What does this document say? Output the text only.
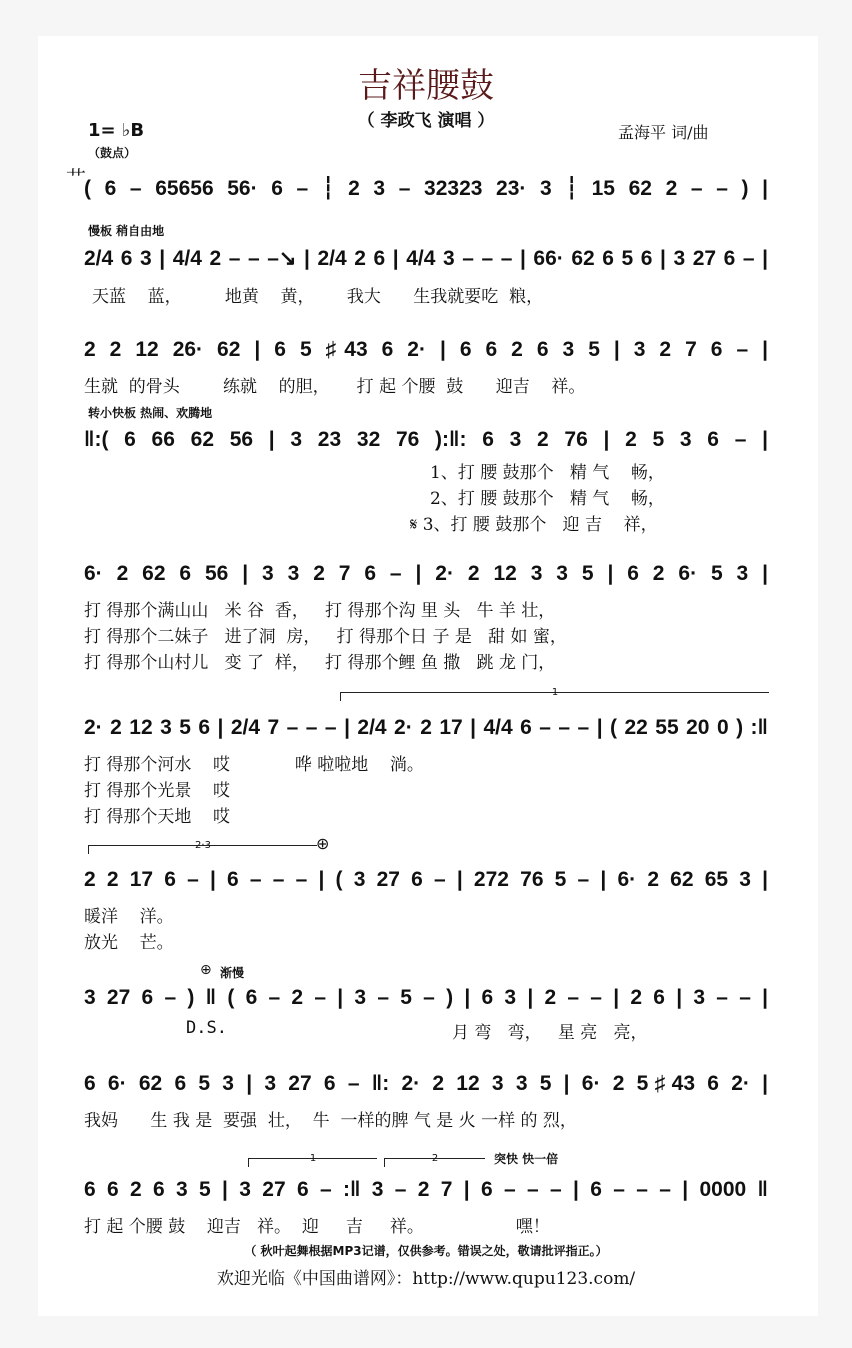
吉祥腰鼓
（ 李政飞 演唱 ）
1= ♭B	孟海平 词/曲
（鼓点）
艹
( 6 – 65656 56· 6 – ┆ 2 3 – 32323 23· 3 ┆ 15 62 2 – – ) |
慢板 稍自由地
2/4 6 3 | 4/4 2 – – –↘ | 2/4 2 6 | 4/4 3 – – – | 66· 62 6 5 6 | 3 27 6 – |
天蓝    蓝，        地黄    黄，      我大      生我就要吃  粮，
2 2 12 26· 62 | 6 5 ♯43 6 2· | 6 6 2 6 3 5 | 3 2 7 6 – |
生就  的骨头        练就    的胆，     打 起 个腰  鼓      迎吉    祥。
转小快板 热闹、欢腾地
‖:( 6 66 62 56 | 3 23 32 76 ):‖: 6 3 2 76 | 2 5 3 6 – |
1、打 腰 鼓那个   精 气    畅，
2、打 腰 鼓那个   精 气    畅，
𝄋 3、打 腰 鼓那个   迎 吉    祥，
6· 2 62 6 56 | 3 3 2 7 6 – | 2· 2 12 3 3 5 | 6 2 6· 5 3 |
打 得那个满山山   米 谷  香，   打 得那个沟 里 头   牛 羊 壮，
打 得那个二妹子   进了洞  房，   打 得那个日 子 是   甜 如 蜜，
打 得那个山村儿   变 了  样，   打 得那个鲤 鱼 撒   跳 龙 门，
1
2· 2 12 3 5 6 | 2/4 7 – – – | 2/4 2· 2 17 | 4/4 6 – – – | ( 22 55 20 0 ) :‖
打 得那个河水    哎            哗 啦啦地    淌。
打 得那个光景    哎
打 得那个天地    哎
2·3	⊕
2 2 17 6 – | 6 – – – | ( 3 27 6 – | 272 76 5 – | 6· 2 62 65 3 |
暖洋    洋。
放光    芒。
⊕ 渐慢
3 27 6 – ) ‖ ( 6 – 2 – | 3 – 5 – ) | 6 3 | 2 – – | 2 6 | 3 – – |
D.S.	月 弯   弯，   星 亮   亮，
6 6· 62 6 5 3 | 3 27 6 – ‖: 2· 2 12 3 3 5 | 6· 2 5♯43 6 2· |
我妈      生 我 是  要强  壮，  牛  一样的脾 气 是 火 一样 的 烈，
1	2	突快 快一倍
6 6 2 6 3 5 | 3 27 6 – :‖ 3 – 2 7 | 6 – – – | 6 – – – | 0000 ‖
打 起 个腰 鼓    迎吉   祥。  迎     吉     祥。                 嘿！
（ 秋叶起舞根据MP3记谱，仅供参考。错误之处，敬请批评指正。）
欢迎光临《中国曲谱网》：http://www.qupu123.com/
